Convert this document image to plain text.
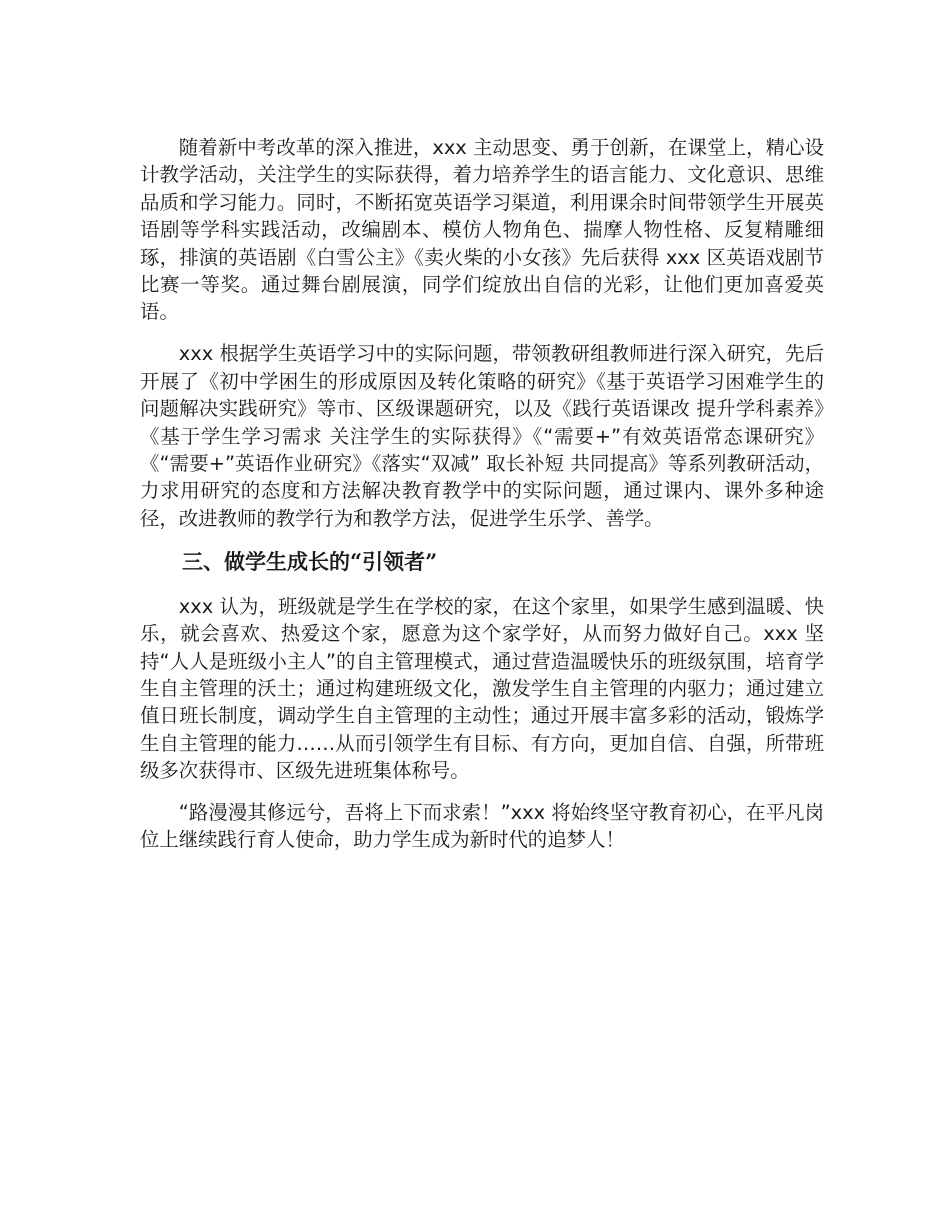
随着新中考改革的深入推进，xxx 主动思变、勇于创新，在课堂上，精心设计教学活动，关注学生的实际获得，着力培养学生的语言能力、文化意识、思维品质和学习能力。同时，不断拓宽英语学习渠道，利用课余时间带领学生开展英语剧等学科实践活动，改编剧本、模仿人物角色、揣摩人物性格、反复精雕细琢，排演的英语剧《白雪公主》《卖火柴的小女孩》先后获得 xxx 区英语戏剧节比赛一等奖。通过舞台剧展演，同学们绽放出自信的光彩，让他们更加喜爱英语。

xxx 根据学生英语学习中的实际问题，带领教研组教师进行深入研究，先后开展了《初中学困生的形成原因及转化策略的研究》《基于英语学习困难学生的问题解决实践研究》等市、区级课题研究，以及《践行英语课改 提升学科素养》《基于学生学习需求 关注学生的实际获得》《“需要+”有效英语常态课研究》《“需要+”英语作业研究》《落实“双减” 取长补短 共同提高》等系列教研活动，力求用研究的态度和方法解决教育教学中的实际问题，通过课内、课外多种途径，改进教师的教学行为和教学方法，促进学生乐学、善学。

三、做学生成长的“引领者”

xxx 认为，班级就是学生在学校的家，在这个家里，如果学生感到温暖、快乐，就会喜欢、热爱这个家，愿意为这个家学好，从而努力做好自己。xxx 坚持“人人是班级小主人”的自主管理模式，通过营造温暖快乐的班级氛围，培育学生自主管理的沃土；通过构建班级文化，激发学生自主管理的内驱力；通过建立值日班长制度，调动学生自主管理的主动性；通过开展丰富多彩的活动，锻炼学生自主管理的能力……从而引领学生有目标、有方向，更加自信、自强，所带班级多次获得市、区级先进班集体称号。

“路漫漫其修远兮，吾将上下而求索！”xxx 将始终坚守教育初心，在平凡岗位上继续践行育人使命，助力学生成为新时代的追梦人！
